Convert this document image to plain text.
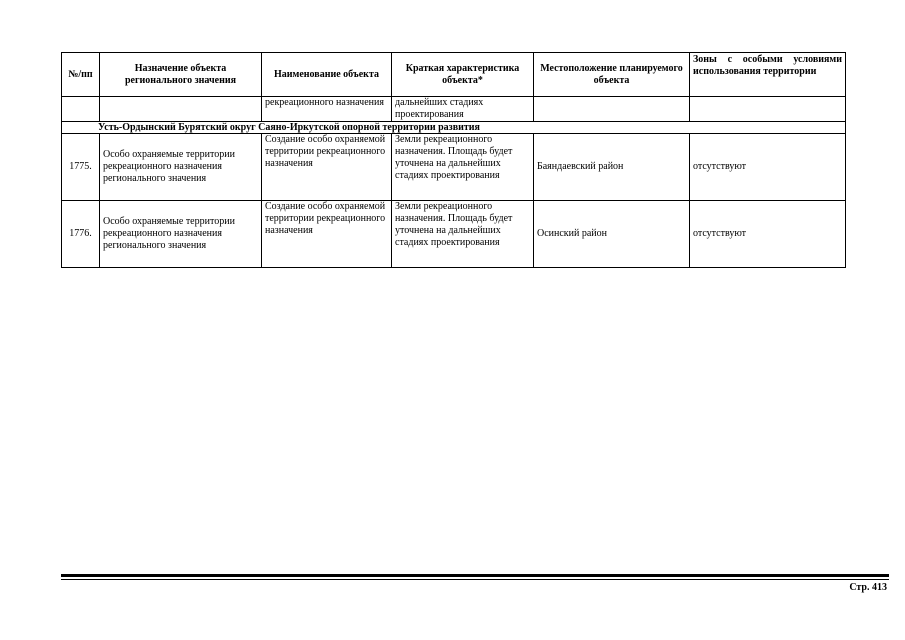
№/пп	Назначение объекта регионального значения	Наименование объекта	Краткая характеристика объекта*	Местоположение планируемого объекта	Зоны с особыми условиями использования территории
		рекреационного назначения	дальнейших стадиях проектирования		
Усть-Ордынский Бурятский округ Саяно-Иркутской опорной территории развития					
1775.	Особо охраняемые территории рекреационного назначения регионального значения	Создание особо охраняемой территории рекреационного назначения	Земли рекреационного назначения. Площадь будет уточнена на дальнейших стадиях проектирования	Баяндаевский район	отсутствуют
1776.	Особо охраняемые территории рекреационного назначения регионального значения	Создание особо охраняемой территории рекреационного назначения	Земли рекреационного назначения. Площадь будет уточнена на дальнейших стадиях проектирования	Осинский район	отсутствуют
Стр. 413
